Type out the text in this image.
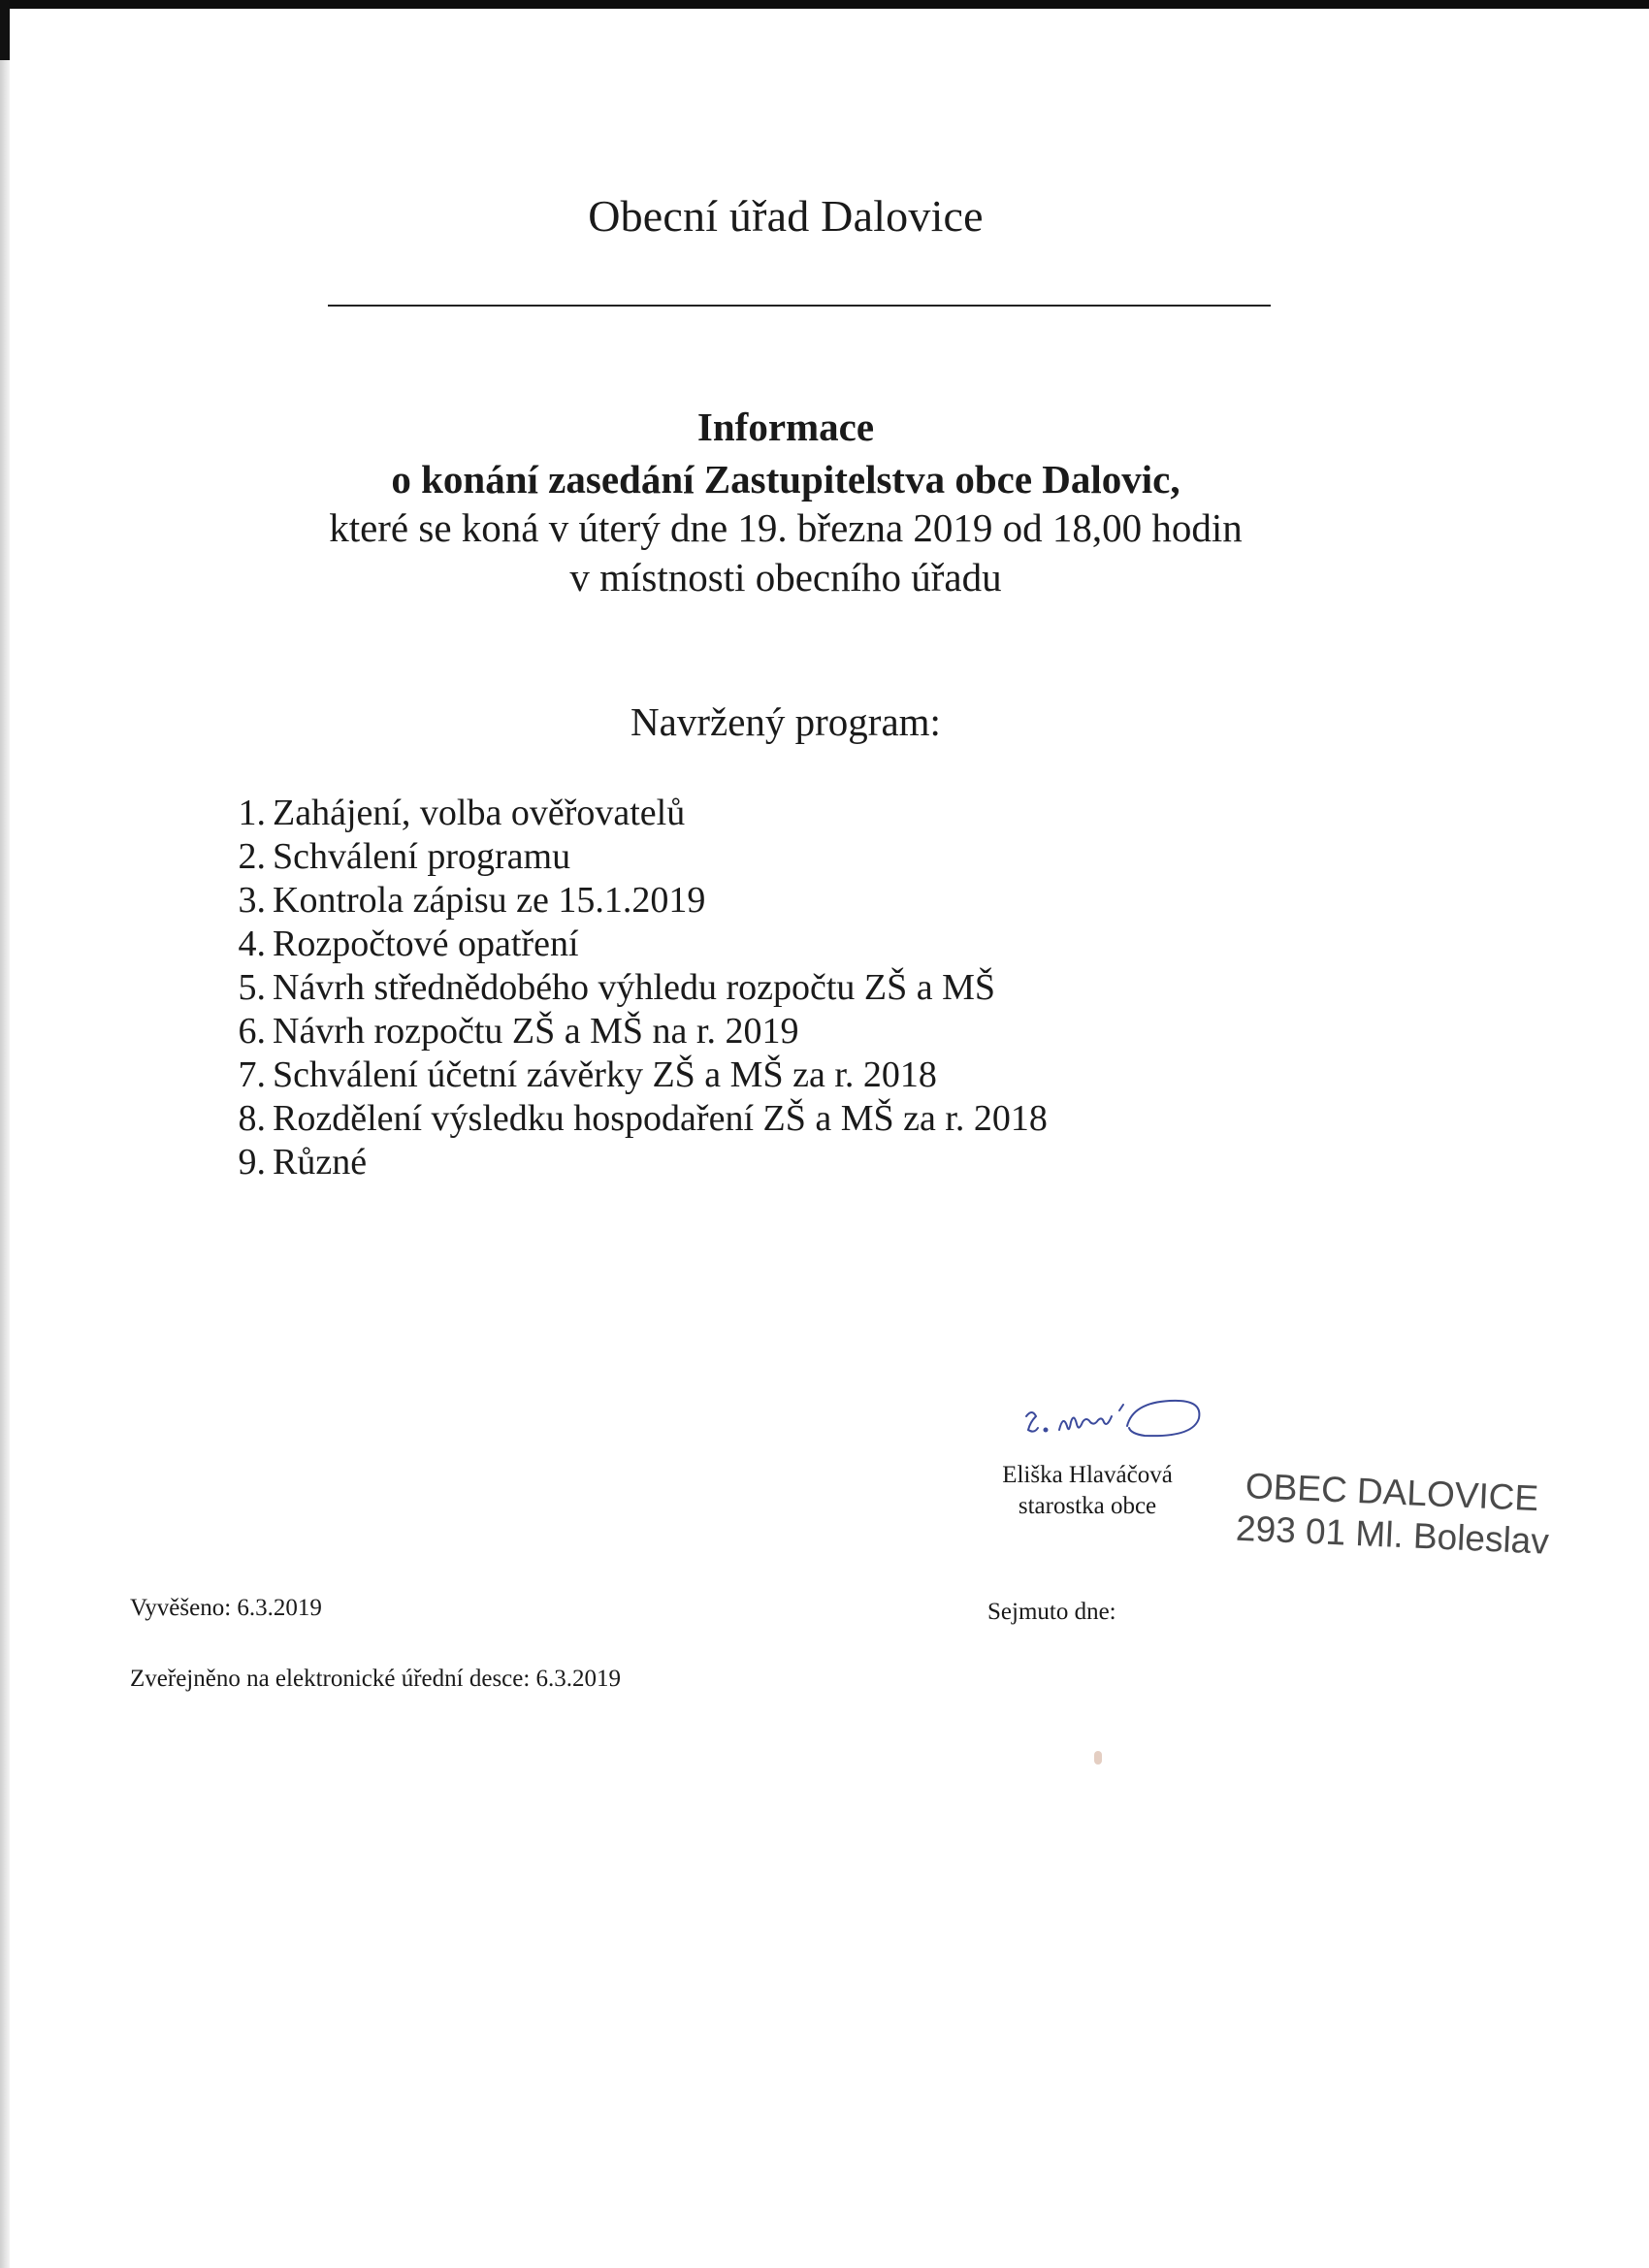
Obecní úřad Dalovice
Informace
o konání zasedání Zastupitelstva obce Dalovic,
které se koná v úterý dne 19. března 2019 od 18,00 hodin
v místnosti obecního úřadu
Navržený program:
1. Zahájení, volba ověřovatelů
2. Schválení programu
3. Kontrola zápisu ze 15.1.2019
4. Rozpočtové opatření
5. Návrh střednědobého výhledu rozpočtu ZŠ a MŠ
6. Návrh rozpočtu ZŠ a MŠ na r. 2019
7. Schválení účetní závěrky ZŠ a MŠ za r. 2018
8. Rozdělení výsledku hospodaření ZŠ a MŠ za r. 2018
9. Různé
Eliška Hlaváčová
starostka obce	OBEC DALOVICE
293 01 Ml. Boleslav
Vyvěšeno: 6.3.2019	Sejmuto dne:
Zveřejněno na elektronické úřední desce: 6.3.2019
